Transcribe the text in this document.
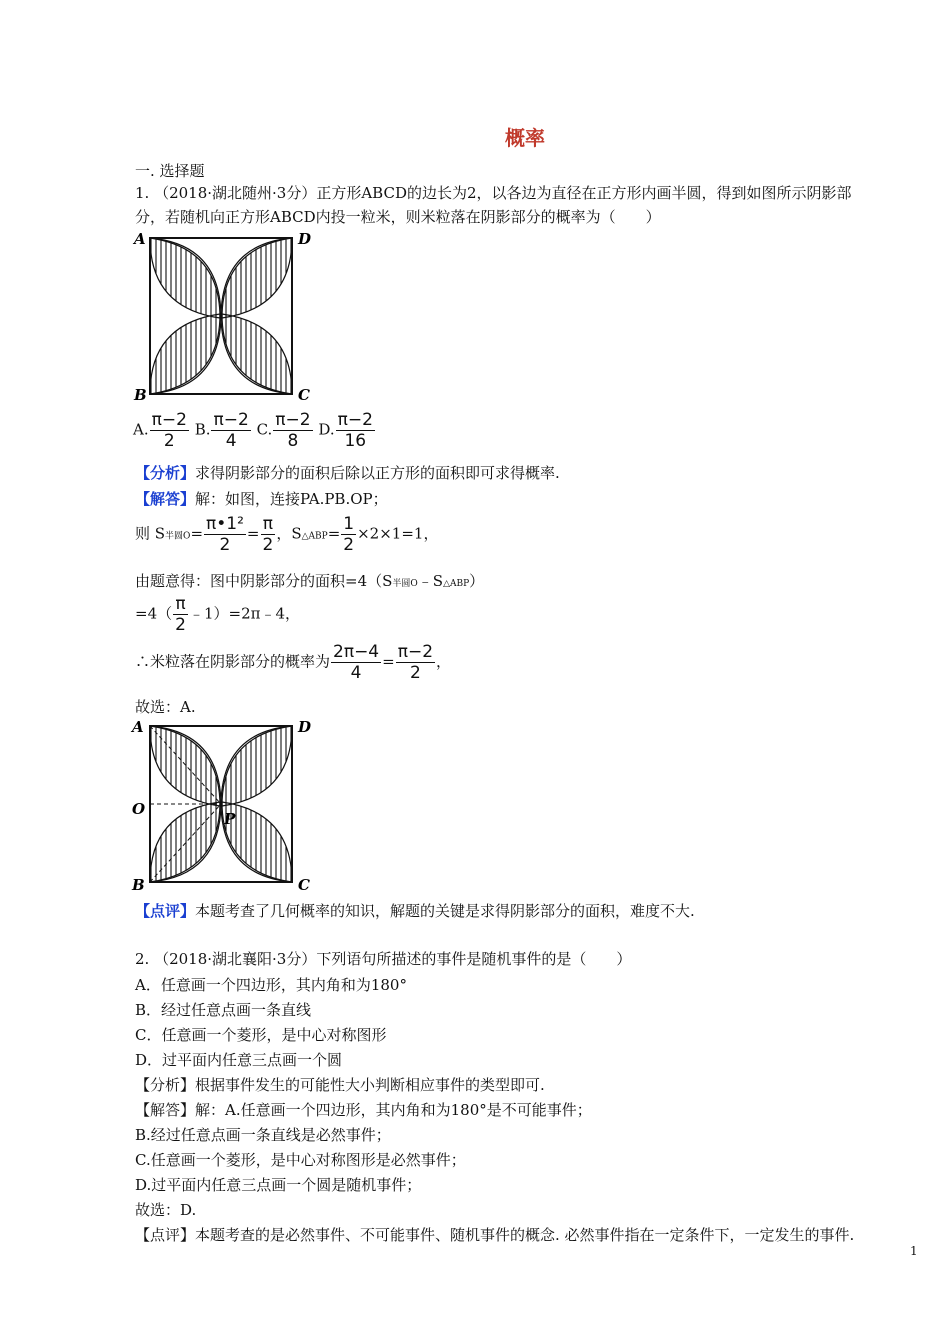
概率
一. 选择题
1. （2018·湖北随州·3分）正方形ABCD的边长为2，以各边为直径在正方形内画半圆，得到如图所示阴影部
分，若随机向正方形ABCD内投一粒米，则米粒落在阴影部分的概率为（　　）
A	D
B	C
A. $\frac{\pi-2}{2} B$. $\frac{\pi-2}{4} C$. $\frac{\pi-2}{8} D$. $\frac{\pi-2}{16}$
【分析】求得阴影部分的面积后除以正方形的面积即可求得概率.
【解答】解：如图，连接PA.PB.OP；
则 S半圆$O= \frac{\text{π•1²}}{2} = \frac{\pi}{2}$ ，S△ABP= $\frac{1}{2} \times 2\times 1=1$，
由题意得：图中阴影部分的面积=4（S半圆O﹣S△ABP）
$=4( \frac{\pi}{2}$ ﹣1）=2π﹣4，
∴米粒落在阴影部分的概率为 $\frac{2\pi-4}{4} = \frac{\pi-2}{2}$ ，
故选：A.
A	D
B	C
O
P
【点评】本题考查了几何概率的知识，解题的关键是求得阴影部分的面积，难度不大.
2. （2018·湖北襄阳·3分）下列语句所描述的事件是随机事件的是（　　）
A．任意画一个四边形，其内角和为180°
B．经过任意点画一条直线
C．任意画一个菱形，是中心对称图形
D．过平面内任意三点画一个圆
【分析】根据事件发生的可能性大小判断相应事件的类型即可.
【解答】解：A.任意画一个四边形，其内角和为180°是不可能事件；
B.经过任意点画一条直线是必然事件；
C.任意画一个菱形，是中心对称图形是必然事件；
D.过平面内任意三点画一个圆是随机事件；
故选：D.
【点评】本题考查的是必然事件、不可能事件、随机事件的概念. 必然事件指在一定条件下，一定发生的事件.
1
